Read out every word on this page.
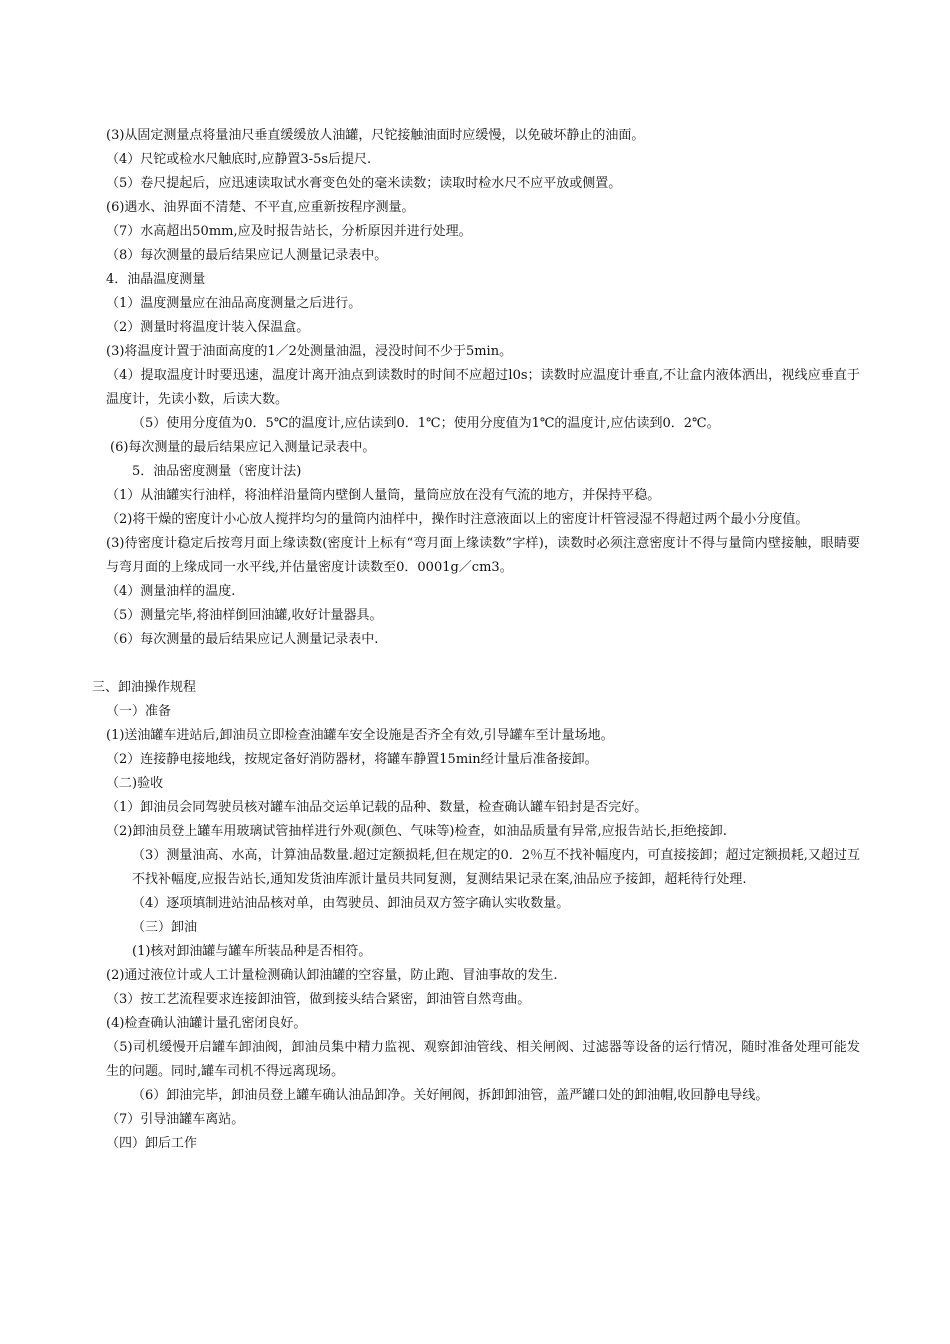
(3)从固定测量点将量油尺垂直缓缓放人油罐，尺铊接触油面时应缓慢，以免破坏静止的油面。
（4）尺铊或检水尺触底时,应静置3-5s后提尺.
（5）卷尺提起后，应迅速读取试水膏变色处的毫米读数；读取时检水尺不应平放或侧置。
(6)遇水、油界面不清楚、不平直,应重新按程序测量。
（7）水高超出50mm,应及时报告站长，分析原因并进行处理。
（8）每次测量的最后结果应记人测量记录表中。
4．油晶温度测量
（1）温度测量应在油品高度测量之后进行。
（2）测量时将温度计装入保温盒。
(3)将温度计置于油面高度的1／2处测量油温，浸没时间不少于5min。
（4）提取温度计时要迅速，温度计离开油点到读数时的时间不应超过l0s；读数时应温度计垂直,不让盒内液体洒出，视线应垂直于温度计，先读小数，后读大数。
（5）使用分度值为0．5℃的温度计,应估读到0．1℃；使用分度值为1℃的温度计,应估读到0．2℃。
(6)每次测量的最后结果应记入测量记录表中。
5．油品密度测量（密度计法)
（1）从油罐实行油样，将油样沿量筒内壁倒人量筒，量筒应放在没有气流的地方，并保持平稳。
（2)将干燥的密度计小心放人搅拌均匀的量筒内油样中，操作时注意液面以上的密度计杆管浸湿不得超过两个最小分度值。
(3)待密度计稳定后按弯月面上缘读数(密度计上标有“弯月面上缘读数”字样)，读数时必须注意密度计不得与量筒内壁接触，眼睛要与弯月面的上缘成同一水平线,并估量密度计读数至0．0001g／cm3。
（4）测量油样的温度.
（5）测量完毕,将油样倒回油罐,收好计量器具。
（6）每次测量的最后结果应记人测量记录表中.
三、卸油操作规程
（一）准备
(1)送油罐车进站后,卸油员立即检查油罐车安全设施是否齐全有效,引导罐车至计量场地。
（2）连接静电接地线，按规定备好消防器材，将罐车静置15min经计量后准备接卸。
（二)验收
（1）卸油员会同驾驶员核对罐车油品交运单记载的品种、数量，检查确认罐车铅封是否完好。
（2)卸油员登上罐车用玻璃试管抽样进行外观(颜色、气味等)检查，如油品质量有异常,应报告站长,拒绝接卸.
（3）测量油高、水高，计算油品数量.超过定额损耗,但在规定的0．2％互不找补幅度内，可直接接卸；超过定额损耗,又超过互不找补幅度,应报告站长,通知发货油库派计量员共同复测，复测结果记录在案,油品应予接卸，超耗待行处理.
（4）逐项填制进站油品核对单，由驾驶员、卸油员双方签字确认实收数量。
（三）卸油
(1)核对卸油罐与罐车所装品种是否相符。
(2)通过液位计或人工计量检测确认卸油罐的空容量，防止跑、冒油事故的发生.
（3）按工艺流程要求连接卸油管，做到接头结合紧密，卸油管自然弯曲。
(4)检查确认油罐计量孔密闭良好。
（5)司机缓慢开启罐车卸油阀，卸油员集中精力监视、观察卸油管线、相关闸阀、过滤器等设备的运行情况，随时准备处理可能发生的问题。同时,罐车司机不得远离现场。
（6）卸油完毕，卸油员登上罐车确认油品卸净。关好闸阀，拆卸卸油管，盖严罐口处的卸油帽,收回静电导线。
（7）引导油罐车离站。
（四）卸后工作
